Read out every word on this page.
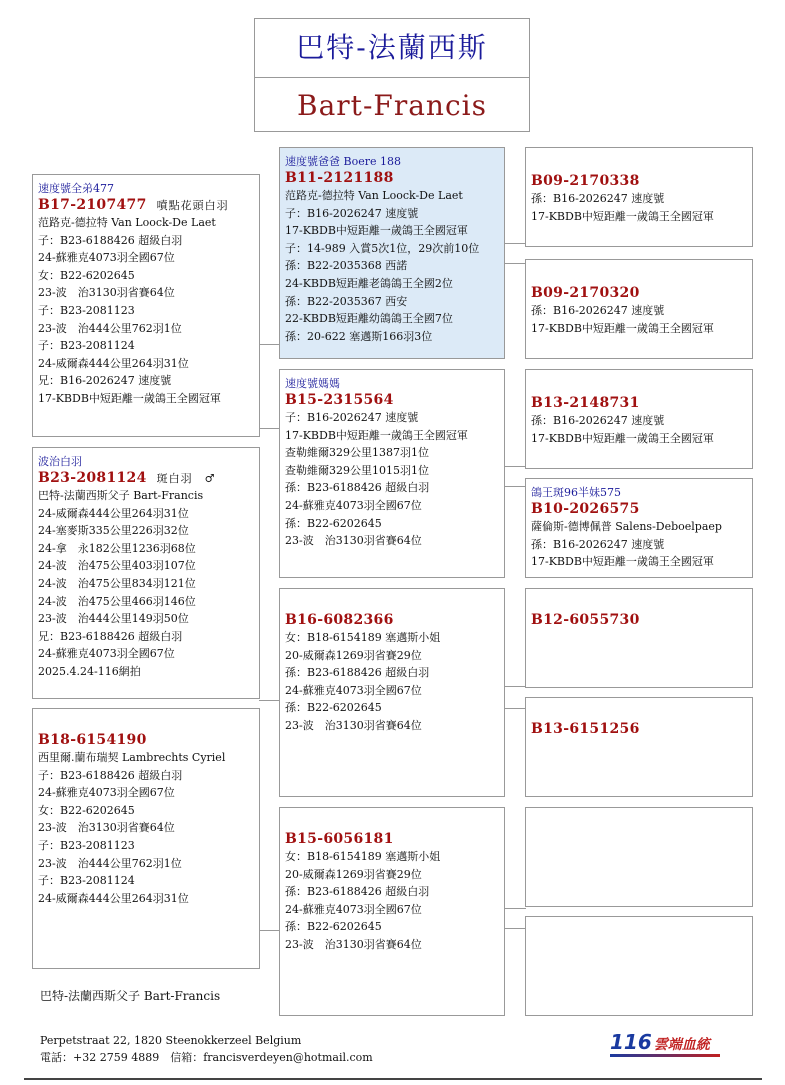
巴特-法蘭西斯
Bart-Francis
速度號全弟477
B17-2107477 噴點花頭白羽
范路克-德拉特 Van Loock-De Laet
子：B23-6188426 超級白羽
24-蘇雅克4073羽全國67位
女：B22-6202645
23-波　治3130羽省賽64位
子：B23-2081123
23-波　治444公里762羽1位
子：B23-2081124
24-威爾森444公里264羽31位
兄：B16-2026247 速度號
17-KBDB中短距離一歲鴿王全國冠軍
波治白羽
B23-2081124 斑白羽　♂
巴特-法蘭西斯父子 Bart-Francis
24-威爾森444公里264羽31位
24-塞麥斯335公里226羽32位
24-拿　永182公里1236羽68位
24-波　治475公里403羽107位
24-波　治475公里834羽121位
24-波　治475公里466羽146位
23-波　治444公里149羽50位
兄：B23-6188426 超級白羽
24-蘇雅克4073羽全國67位
2025.4.24-116網拍
B18-6154190
西里爾.蘭布瑞契 Lambrechts Cyriel
子：B23-6188426 超級白羽
24-蘇雅克4073羽全國67位
女：B22-6202645
23-波　治3130羽省賽64位
子：B23-2081123
23-波　治444公里762羽1位
子：B23-2081124
24-威爾森444公里264羽31位
速度號爸爸 Boere 188
B11-2121188
范路克-德拉特 Van Loock-De Laet
子：B16-2026247 速度號
17-KBDB中短距離一歲鴿王全國冠軍
子：14-989 入賞5次1位，29次前10位
孫：B22-2035368 西諾
24-KBDB短距離老鴿鴿王全國2位
孫：B22-2035367 西安
22-KBDB短距離幼鴿鴿王全國7位
孫：20-622 塞邁斯166羽3位
速度號媽媽
B15-2315564
子：B16-2026247 速度號
17-KBDB中短距離一歲鴿王全國冠軍
查勒維爾329公里1387羽1位
查勒維爾329公里1015羽1位
孫：B23-6188426 超級白羽
24-蘇雅克4073羽全國67位
孫：B22-6202645
23-波　治3130羽省賽64位
B16-6082366
女：B18-6154189 塞邁斯小姐
20-威爾森1269羽省賽29位
孫：B23-6188426 超級白羽
24-蘇雅克4073羽全國67位
孫：B22-6202645
23-波　治3130羽省賽64位
B15-6056181
女：B18-6154189 塞邁斯小姐
20-威爾森1269羽省賽29位
孫：B23-6188426 超級白羽
24-蘇雅克4073羽全國67位
孫：B22-6202645
23-波　治3130羽省賽64位
B09-2170338
孫：B16-2026247 速度號
17-KBDB中短距離一歲鴿王全國冠軍
B09-2170320
孫：B16-2026247 速度號
17-KBDB中短距離一歲鴿王全國冠軍
B13-2148731
孫：B16-2026247 速度號
17-KBDB中短距離一歲鴿王全國冠軍
鴿王斑96半妹575
B10-2026575
薩倫斯-德博佩普 Salens-Deboelpaep
孫：B16-2026247 速度號
17-KBDB中短距離一歲鴿王全國冠軍
B12-6055730
B13-6151256
巴特-法蘭西斯父子 Bart-Francis
Perpetstraat 22, 1820 Steenokkerzeel Belgium
電話：+32 2759 4889　信箱：francisverdeyen@hotmail.com
116 雲端血統
